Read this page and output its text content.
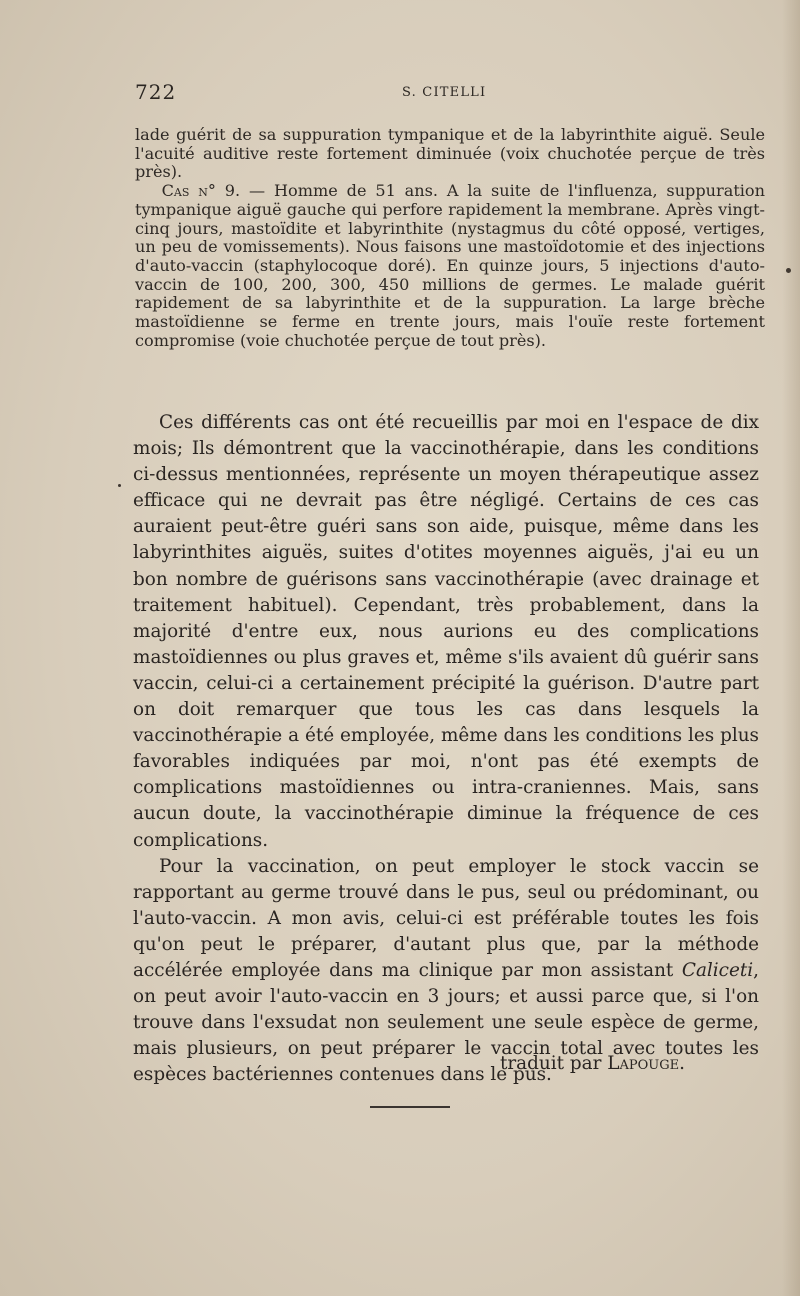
722	S. CITELLI

lade guérit de sa suppuration tympanique et de la labyrinthite aiguë. Seule l'acuité auditive reste fortement diminuée (voix chuchotée perçue de très près).

Cas n° 9. — Homme de 51 ans. A la suite de l'influenza, suppuration tympanique aiguë gauche qui perfore rapidement la membrane. Après vingt-cinq jours, mastoïdite et labyrinthite (nystagmus du côté opposé, vertiges, un peu de vomissements). Nous faisons une mastoïdotomie et des injections d'auto-vaccin (staphylocoque doré). En quinze jours, 5 injections d'auto-vaccin de 100, 200, 300, 450 millions de germes. Le malade guérit rapidement de sa labyrinthite et de la suppuration. La large brèche mastoïdienne se ferme en trente jours, mais l'ouïe reste fortement compromise (voie chuchotée perçue de tout près).

Ces différents cas ont été recueillis par moi en l'espace de dix mois; Ils démontrent que la vaccinothérapie, dans les conditions ci-dessus mentionnées, représente un moyen thérapeutique assez efficace qui ne devrait pas être négligé. Certains de ces cas auraient peut-être guéri sans son aide, puisque, même dans les labyrinthites aiguës, suites d'otites moyennes aiguës, j'ai eu un bon nombre de guérisons sans vaccinothérapie (avec drainage et traitement habituel). Cependant, très probablement, dans la majorité d'entre eux, nous aurions eu des complications mastoïdiennes ou plus graves et, même s'ils avaient dû guérir sans vaccin, celui-ci a certainement précipité la guérison. D'autre part on doit remarquer que tous les cas dans lesquels la vaccinothérapie a été employée, même dans les conditions les plus favorables indiquées par moi, n'ont pas été exempts de complications mastoïdiennes ou intra-craniennes. Mais, sans aucun doute, la vaccinothérapie diminue la fréquence de ces complications.

Pour la vaccination, on peut employer le stock vaccin se rapportant au germe trouvé dans le pus, seul ou prédominant, ou l'auto-vaccin. A mon avis, celui-ci est préférable toutes les fois qu'on peut le préparer, d'autant plus que, par la méthode accélérée employée dans ma clinique par mon assistant Caliceti, on peut avoir l'auto-vaccin en 3 jours; et aussi parce que, si l'on trouve dans l'exsudat non seulement une seule espèce de germe, mais plusieurs, on peut préparer le vaccin total avec toutes les espèces bactériennes contenues dans le pus.

traduit par Lapouge.
